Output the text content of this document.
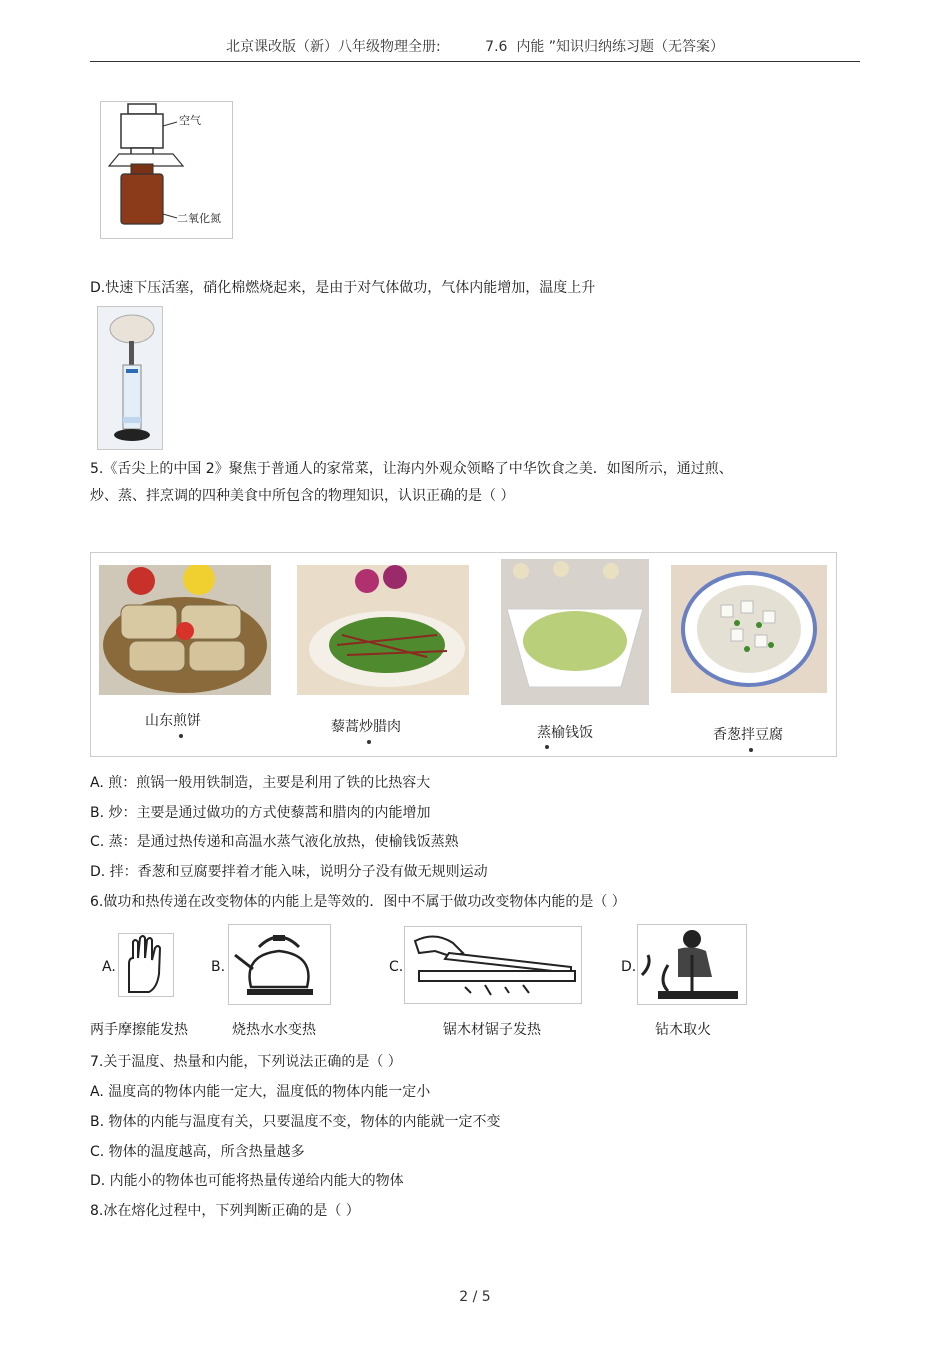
北京课改版（新）八年级物理全册:          7.6  内能 ”知识归纳练习题（无答案）
空气
二氧化氮
D.快速下压活塞，硝化棉燃烧起来，是由于对气体做功，气体内能增加，温度上升
5.《舌尖上的中国 2》聚焦于普通人的家常菜，让海内外观众领略了中华饮食之美．如图所示，通过煎、
炒、蒸、拌烹调的四种美食中所包含的物理知识，认识正确的是（ ）
山东煎饼	藜蒿炒腊肉	蒸榆钱饭	香葱拌豆腐
A. 煎：煎锅一般用铁制造，主要是利用了铁的比热容大
B. 炒：主要是通过做功的方式使藜蒿和腊肉的内能增加
C. 蒸：是通过热传递和高温水蒸气液化放热，使榆钱饭蒸熟
D. 拌：香葱和豆腐要拌着才能入味，说明分子没有做无规则运动
6.做功和热传递在改变物体的内能上是等效的．图中不属于做功改变物体内能的是（ ）
A.	B.	C.	D.
两手摩擦能发热	烧热水水变热	锯木材锯子发热	钻木取火
7.关于温度、热量和内能，下列说法正确的是（ ）
A. 温度高的物体内能一定大，温度低的物体内能一定小
B. 物体的内能与温度有关，只要温度不变，物体的内能就一定不变
C. 物体的温度越高，所含热量越多
D. 内能小的物体也可能将热量传递给内能大的物体
8.冰在熔化过程中，下列判断正确的是（ ）
2 / 5
